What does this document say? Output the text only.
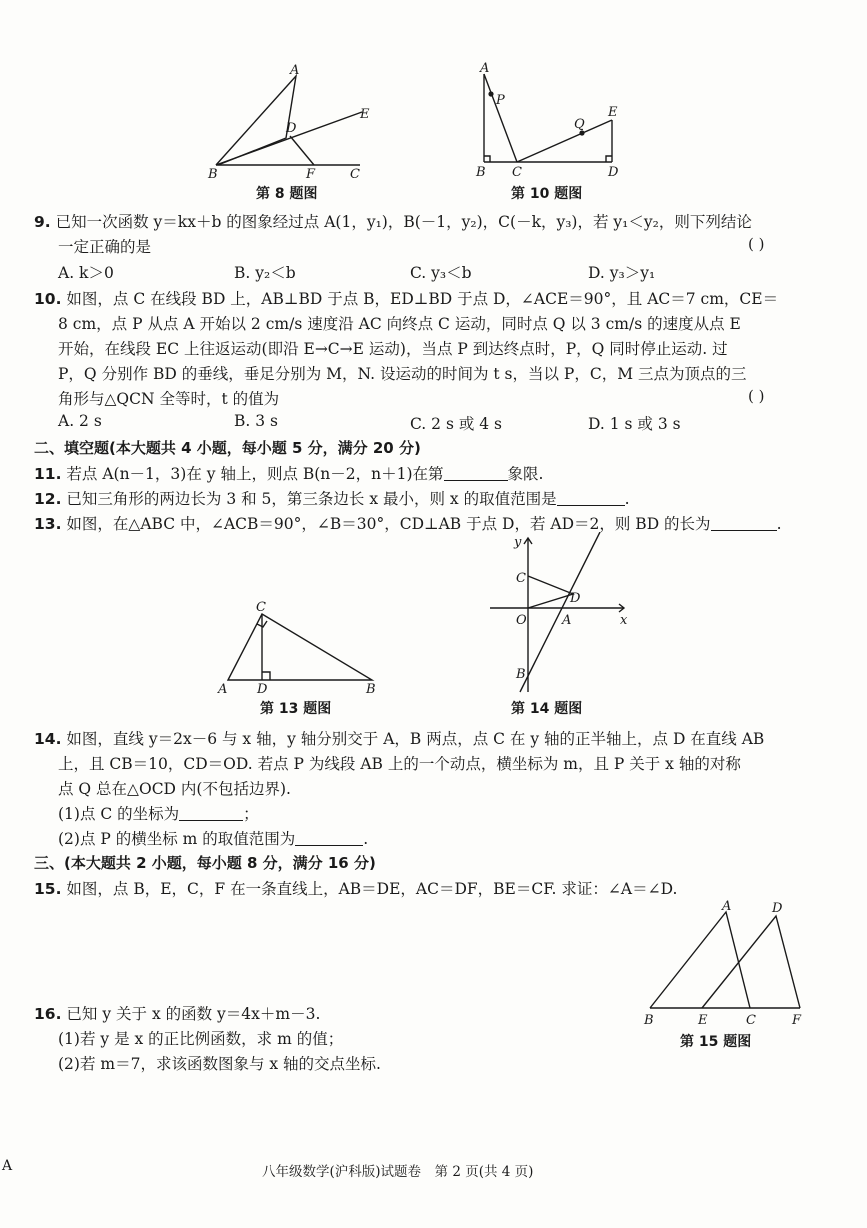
A
B	C
D
E
F
第 8 题图
A
B C	D
E
P
Q
第 10 题图
9. 已知一次函数 y＝kx＋b 的图象经过点 A(1，y₁)，B(－1，y₂)，C(－k，y₃)，若 y₁＜y₂，则下列结论
一定正确的是	( )
A. k＞0	B. y₂＜b	C. y₃＜b	D. y₃＞y₁
10. 如图，点 C 在线段 BD 上，AB⊥BD 于点 B，ED⊥BD 于点 D，∠ACE＝90°，且 AC＝7 cm，CE＝
8 cm，点 P 从点 A 开始以 2 cm/s 速度沿 AC 向终点 C 运动，同时点 Q 以 3 cm/s 的速度从点 E
开始，在线段 EC 上往返运动(即沿 E→C→E 运动)，当点 P 到达终点时，P，Q 同时停止运动. 过
P，Q 分别作 BD 的垂线，垂足分别为 M，N. 设运动的时间为 t s，当以 P，C，M 三点为顶点的三
角形与△QCN 全等时，t 的值为	( )
A. 2 s	B. 3 s	C. 2 s 或 4 s	D. 1 s 或 3 s
二、填空题(本大题共 4 小题，每小题 5 分，满分 20 分)
11. 若点 A(n－1，3)在 y 轴上，则点 B(n－2，n＋1)在第	象限.
12. 已知三角形的两边长为 3 和 5，第三条边长 x 最小，则 x 的取值范围是	.
13. 如图，在△ABC 中，∠ACB＝90°，∠B＝30°，CD⊥AB 于点 D，若 AD＝2，则 BD 的长为	.
C
A D	B
第 13 题图
y
x
C
D
O	A
B
第 14 题图
14. 如图，直线 y＝2x－6 与 x 轴，y 轴分别交于 A，B 两点，点 C 在 y 轴的正半轴上，点 D 在直线 AB
上，且 CB＝10，CD＝OD. 若点 P 为线段 AB 上的一个动点，横坐标为 m，且 P 关于 x 轴的对称
点 Q 总在△OCD 内(不包括边界).
(1)点 C 的坐标为	；
(2)点 P 的横坐标 m 的取值范围为	.
三、(本大题共 2 小题，每小题 8 分，满分 16 分)
15. 如图，点 B，E，C，F 在一条直线上，AB＝DE，AC＝DF，BE＝CF. 求证：∠A＝∠D.
A	D
B	E	C	F
第 15 题图
16. 已知 y 关于 x 的函数 y＝4x＋m－3.
(1)若 y 是 x 的正比例函数，求 m 的值；
(2)若 m＝7，求该函数图象与 x 轴的交点坐标.
A	八年级数学(沪科版)试题卷　第 2 页(共 4 页)
